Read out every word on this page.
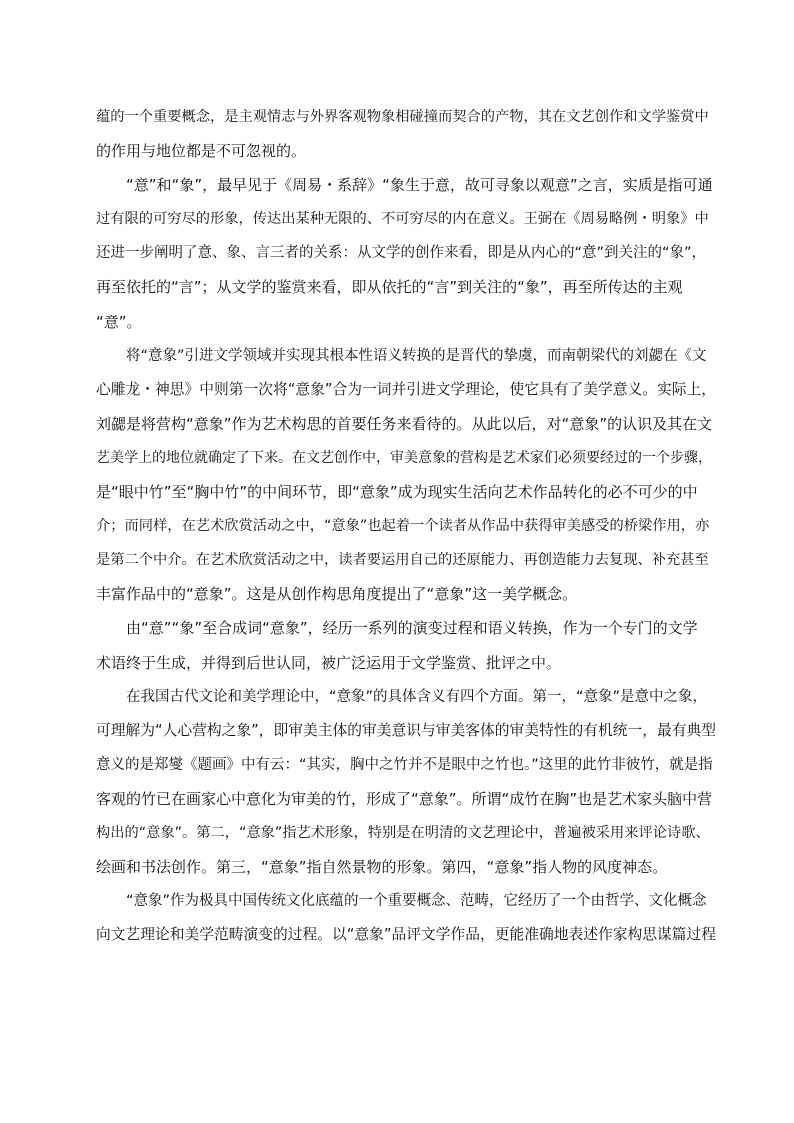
蕴的一个重要概念，是主观情志与外界客观物象相碰撞而契合的产物，其在文艺创作和文学鉴赏中
的作用与地位都是不可忽视的。
“意”和“象”，最早见于《周易・系辞》“象生于意，故可寻象以观意”之言，实质是指可通
过有限的可穷尽的形象，传达出某种无限的、不可穷尽的内在意义。王弼在《周易略例・明象》中
还进一步阐明了意、象、言三者的关系：从文学的创作来看，即是从内心的“意”到关注的“象”，
再至依托的“言”；从文学的鉴赏来看，即从依托的“言”到关注的“象”，再至所传达的主观
“意”。
将“意象”引进文学领域并实现其根本性语义转换的是晋代的挚虞，而南朝梁代的刘勰在《文
心雕龙・神思》中则第一次将“意象”合为一词并引进文学理论，使它具有了美学意义。实际上，
刘勰是将营构“意象”作为艺术构思的首要任务来看待的。从此以后，对“意象”的认识及其在文
艺美学上的地位就确定了下来。在文艺创作中，审美意象的营构是艺术家们必须要经过的一个步骤，
是“眼中竹”至“胸中竹”的中间环节，即“意象”成为现实生活向艺术作品转化的必不可少的中
介；而同样，在艺术欣赏活动之中，“意象”也起着一个读者从作品中获得审美感受的桥梁作用，亦
是第二个中介。在艺术欣赏活动之中，读者要运用自己的还原能力、再创造能力去复现、补充甚至
丰富作品中的“意象”。这是从创作构思角度提出了“意象”这一美学概念。
由“意”“象”至合成词“意象”，经历一系列的演变过程和语义转换，作为一个专门的文学
术语终于生成，并得到后世认同，被广泛运用于文学鉴赏、批评之中。
在我国古代文论和美学理论中，“意象”的具体含义有四个方面。第一，“意象”是意中之象，
可理解为“人心营构之象”，即审美主体的审美意识与审美客体的审美特性的有机统一，最有典型
意义的是郑燮《题画》中有云：“其实，胸中之竹并不是眼中之竹也。”这里的此竹非彼竹，就是指
客观的竹已在画家心中意化为审美的竹，形成了“意象”。所谓“成竹在胸”也是艺术家头脑中营
构出的“意象”。第二，“意象”指艺术形象，特别是在明清的文艺理论中，普遍被采用来评论诗歌、
绘画和书法创作。第三，“意象”指自然景物的形象。第四，“意象”指人物的风度神态。
“意象”作为极具中国传统文化底蕴的一个重要概念、范畴，它经历了一个由哲学、文化概念
向文艺理论和美学范畴演变的过程。以“意象”品评文学作品，更能准确地表述作家构思谋篇过程
